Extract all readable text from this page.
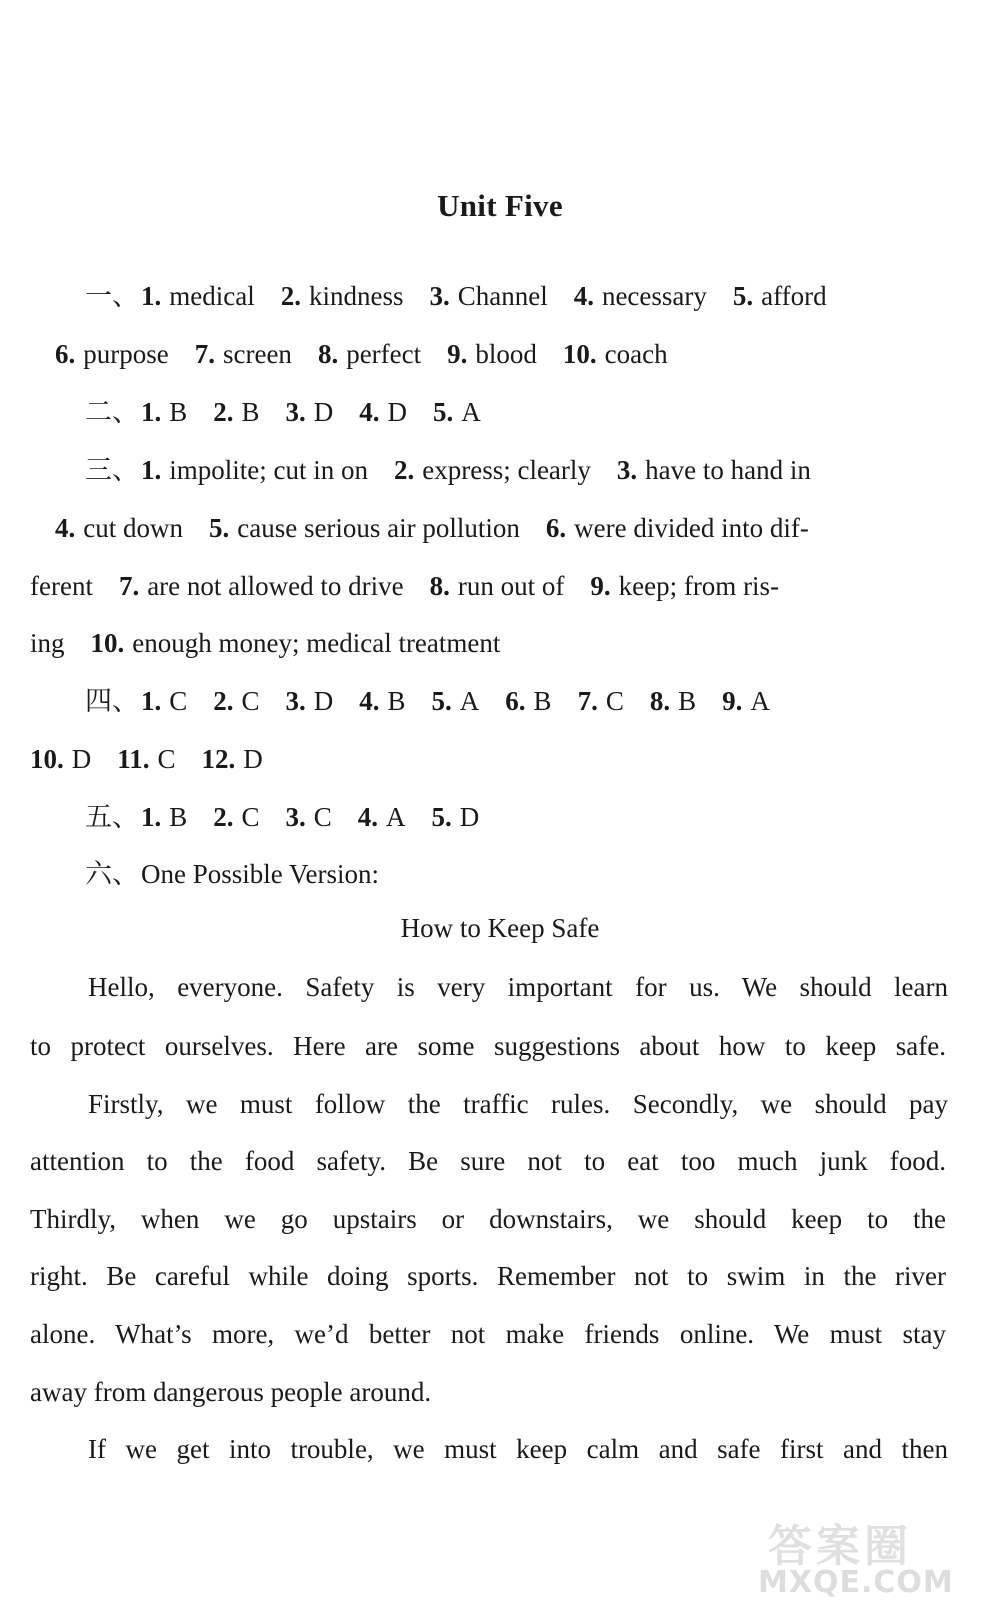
Unit Five
一、1. medical 2. kindness 3. Channel 4. necessary 5. afford
6. purpose 7. screen 8. perfect 9. blood 10. coach
二、1. B 2. B 3. D 4. D 5. A
三、1. impolite; cut in on 2. express; clearly 3. have to hand in
4. cut down 5. cause serious air pollution 6. were divided into dif-
ferent 7. are not allowed to drive 8. run out of 9. keep; from ris-
ing 10. enough money; medical treatment
四、1. C 2. C 3. D 4. B 5. A 6. B 7. C 8. B 9. A
10. D 11. C 12. D
五、1. B 2. C 3. C 4. A 5. D
六、One Possible Version:
How to Keep Safe
Hello, everyone. Safety is very important for us. We should learn
to protect ourselves. Here are some suggestions about how to keep safe.
Firstly, we must follow the traffic rules. Secondly, we should pay
attention to the food safety. Be sure not to eat too much junk food.
Thirdly, when we go upstairs or downstairs, we should keep to the
right. Be careful while doing sports. Remember not to swim in the river
alone. What’s more, we’d better not make friends online. We must stay
away from dangerous people around.
If we get into trouble, we must keep calm and safe first and then
答案圈
MXQE.COM
